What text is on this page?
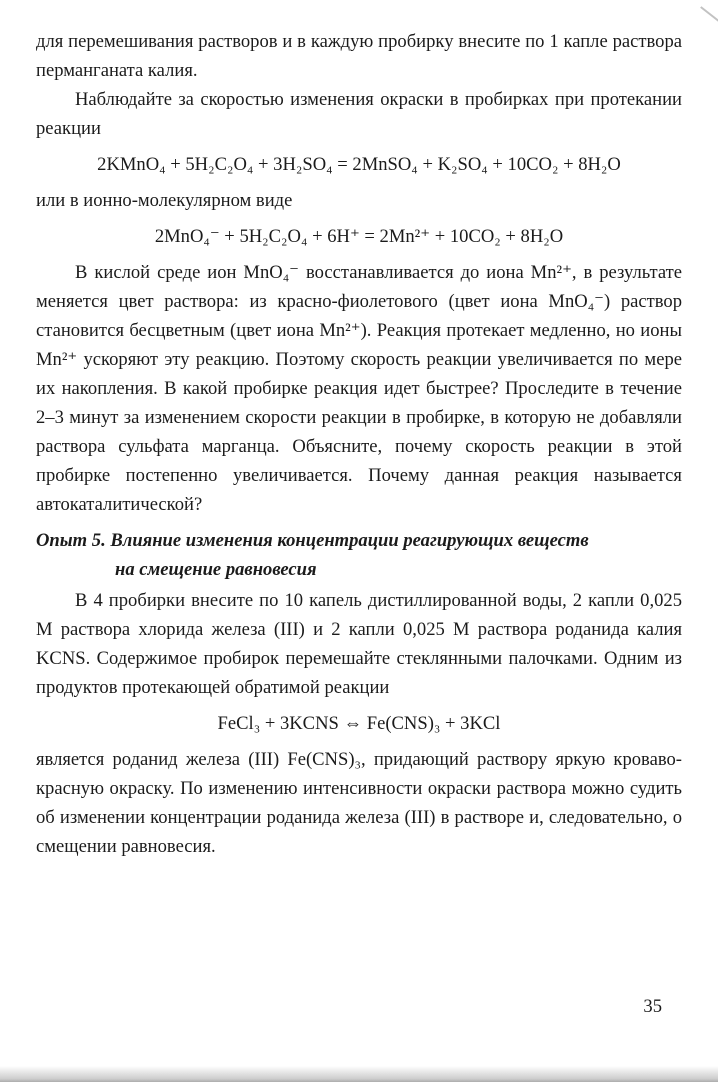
для перемешивания растворов и в каждую пробирку внесите по 1 капле раствора перманганата калия.

Наблюдайте за скоростью изменения окраски в пробирках при протекании реакции

2KMnO₄ + 5H₂C₂O₄ + 3H₂SO₄ = 2MnSO₄ + K₂SO₄ + 10CO₂ + 8H₂O

или в ионно-молекулярном виде

2MnO₄⁻ + 5H₂C₂O₄ + 6H⁺ = 2Mn²⁺ + 10CO₂ + 8H₂O

В кислой среде ион MnO₄⁻ восстанавливается до иона Mn²⁺, в результате меняется цвет раствора: из красно-фиолетового (цвет иона MnO₄⁻) раствор становится бесцветным (цвет иона Mn²⁺). Реакция протекает медленно, но ионы Mn²⁺ ускоряют эту реакцию. Поэтому скорость реакции увеличивается по мере их накопления. В какой пробирке реакция идет быстрее? Проследите в течение 2–3 минут за изменением скорости реакции в пробирке, в которую не добавляли раствора сульфата марганца. Объясните, почему скорость реакции в этой пробирке постепенно увеличивается. Почему данная реакция называется автокаталитической?

Опыт 5. Влияние изменения концентрации реагирующих веществ
на смещение равновесия

В 4 пробирки внесите по 10 капель дистиллированной воды, 2 капли 0,025 М раствора хлорида железа (III) и 2 капли 0,025 М раствора роданида калия KCNS. Содержимое пробирок перемешайте стеклянными палочками. Одним из продуктов протекающей обратимой реакции

FeCl₃ + 3KCNS ⇔ Fe(CNS)₃ + 3KCl

является роданид железа (III) Fe(CNS)₃, придающий раствору яркую кроваво-красную окраску. По изменению интенсивности окраски раствора можно судить об изменении концентрации роданида железа (III) в растворе и, следовательно, о смещении равновесия.

35
